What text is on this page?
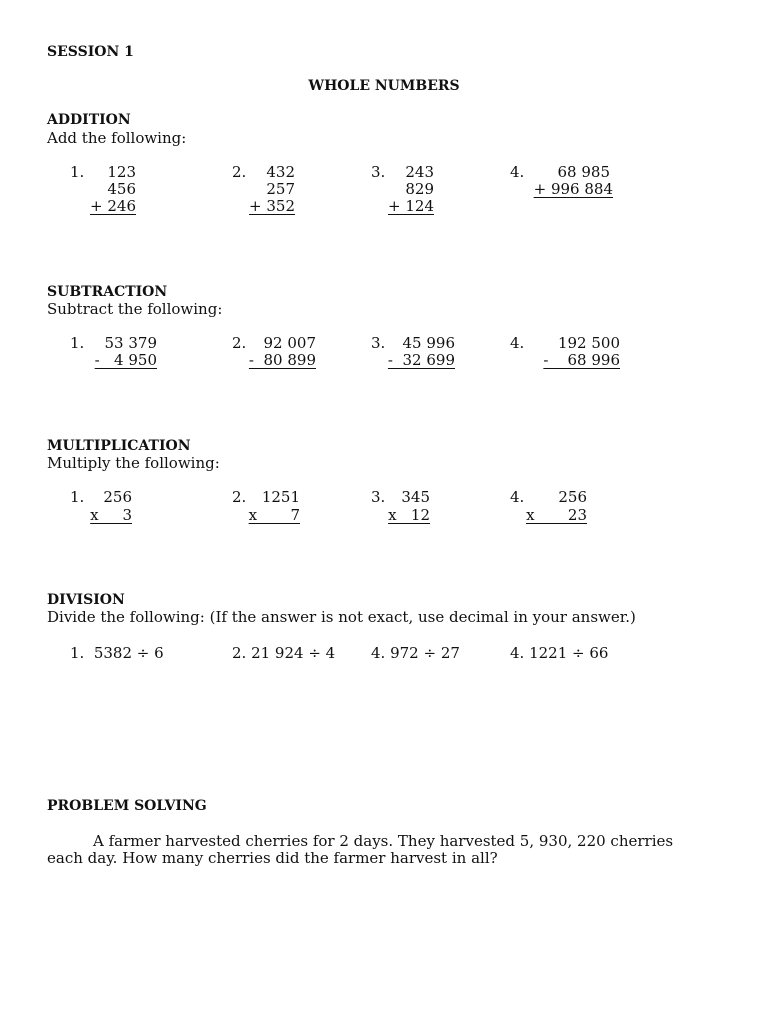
SESSION 1
WHOLE NUMBERS
ADDITION
Add the following:
1. 123
456
+ 246
2. 432
257
+ 352
3. 243
829
+ 124
4. 68 985
+ 996 884
SUBTRACTION
Subtract the following:
1. 53 379
-   4 950
2. 92 007
-  80 899
3. 45 996
-  32 699
4. 192 500
-    68 996
MULTIPLICATION
Multiply the following:
1. 256
x     3
2. 1251
x       7
3. 345
x   12
4. 256
x       23
DIVISION
Divide the following: (If the answer is not exact, use decimal in your answer.)
1.  5382 ÷ 6	2. 21 924 ÷ 4 4. 972 ÷ 27	4. 1221 ÷ 66
PROBLEM SOLVING
A farmer harvested cherries for 2 days. They harvested 5, 930, 220 cherries each day. How many cherries did the farmer harvest in all?
